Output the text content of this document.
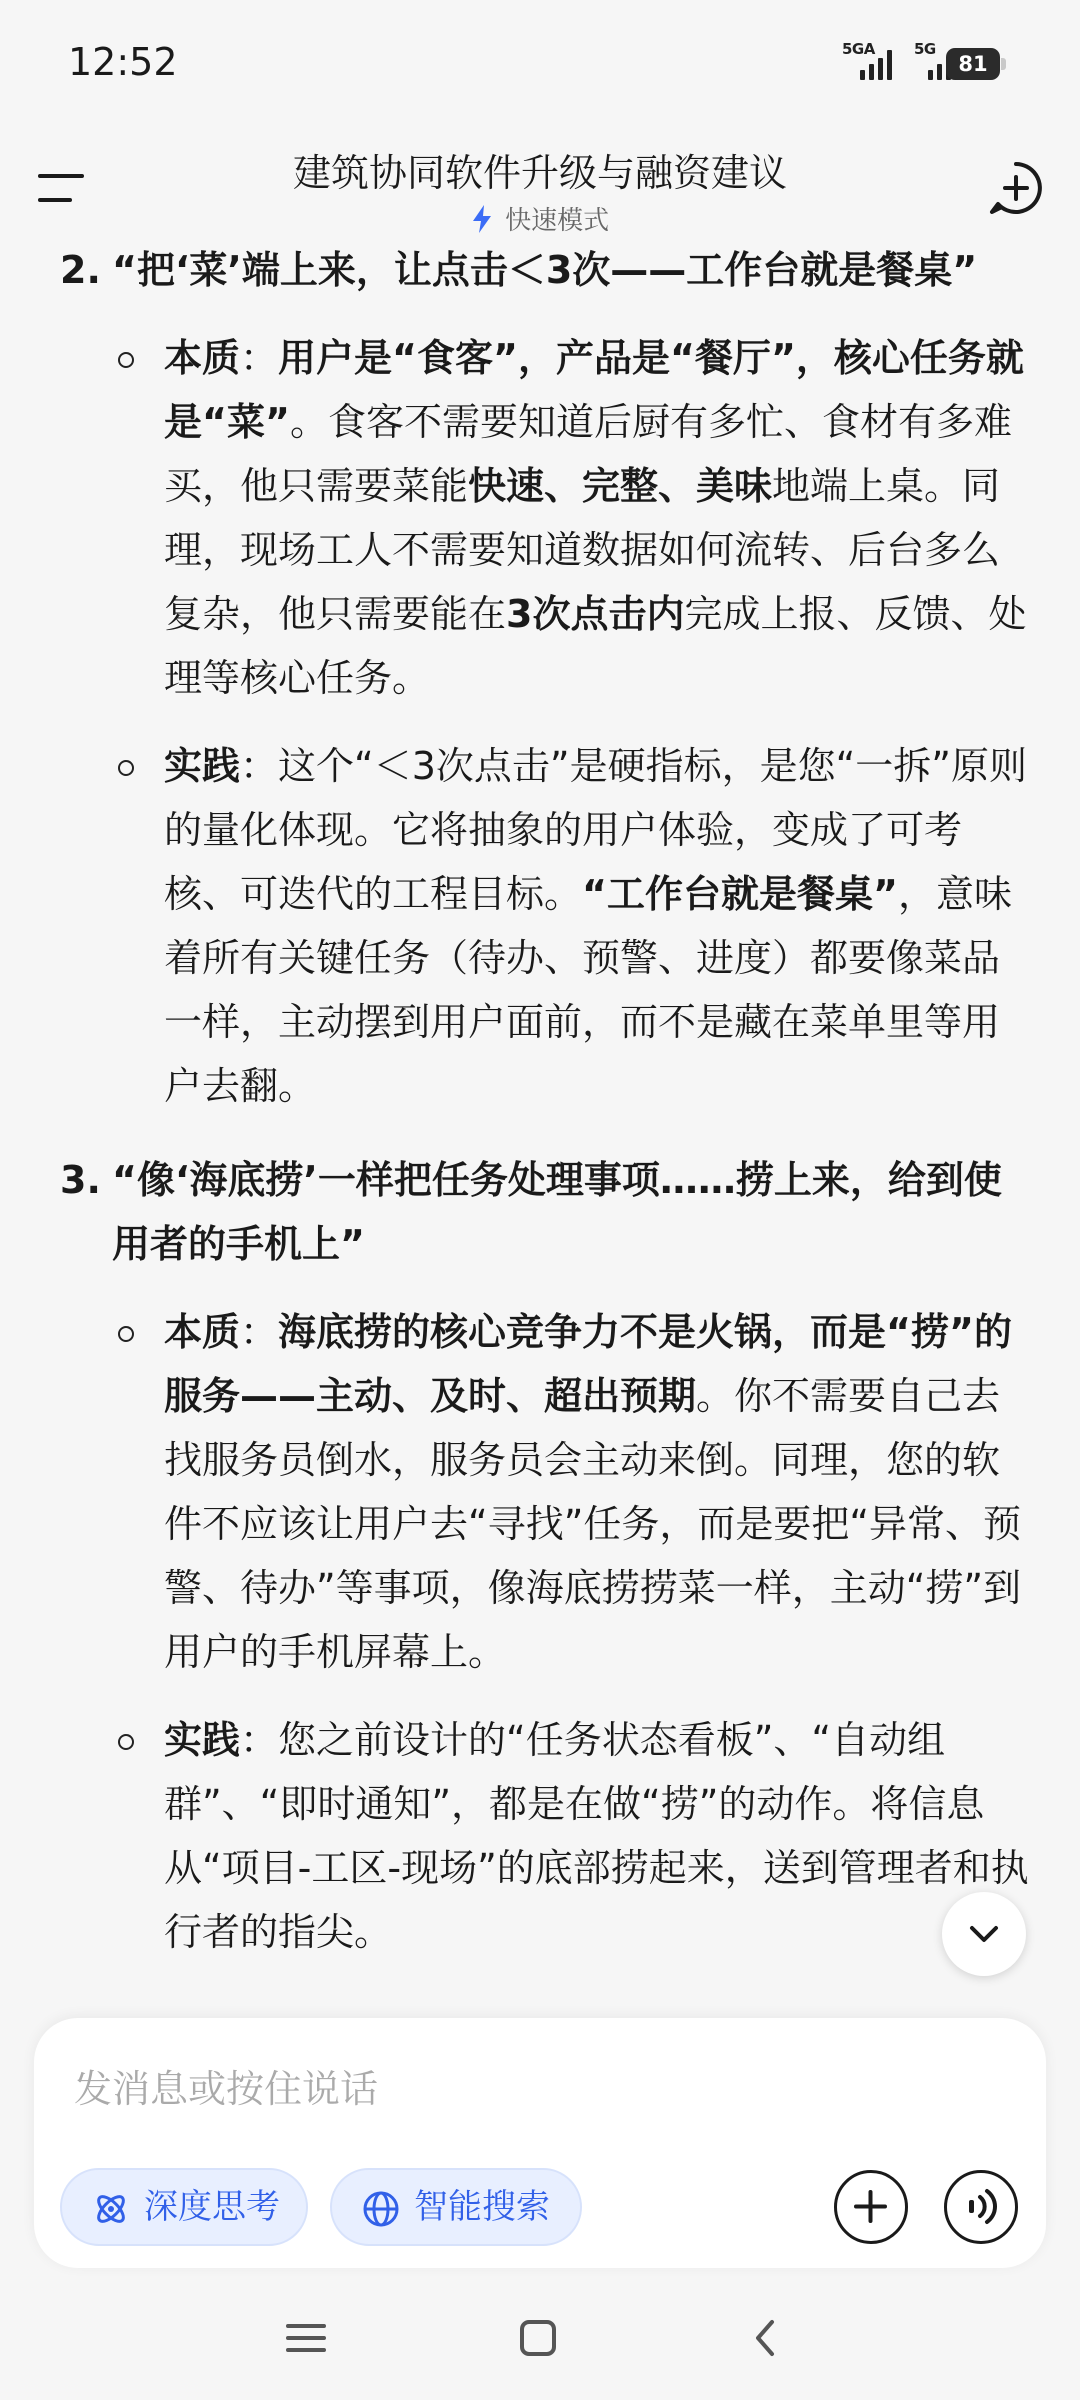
12:52	5GA	5G
81
建筑协同软件升级与融资建议
快速模式
2. “把‘菜’端上来，让点击＜3次——工作台就是餐桌”
本质：用户是“食客”，产品是“餐厅”，核心任务就是“菜”。食客不需要知道后厨有多忙、食材有多难买，他只需要菜能快速、完整、美味地端上桌。同理，现场工人不需要知道数据如何流转、后台多么复杂，他只需要能在3次点击内完成上报、反馈、处理等核心任务。
实践：这个“＜3次点击”是硬指标，是您“一拆”原则的量化体现。它将抽象的用户体验，变成了可考核、可迭代的工程目标。“工作台就是餐桌”，意味着所有关键任务（待办、预警、进度）都要像菜品一样，主动摆到用户面前，而不是藏在菜单里等用户去翻。
3. “像‘海底捞’一样把任务处理事项……捞上来，给到使用者的手机上”
本质：海底捞的核心竞争力不是火锅，而是“捞”的服务——主动、及时、超出预期。你不需要自己去找服务员倒水，服务员会主动来倒。同理，您的软件不应该让用户去“寻找”任务，而是要把“异常、预警、待办”等事项，像海底捞捞菜一样，主动“捞”到用户的手机屏幕上。
实践：您之前设计的“任务状态看板”、“自动组群”、“即时通知”，都是在做“捞”的动作。将信息从“项目-工区-现场”的底部捞起来，送到管理者和执行者的指尖。
发消息或按住说话
深度思考	智能搜索
